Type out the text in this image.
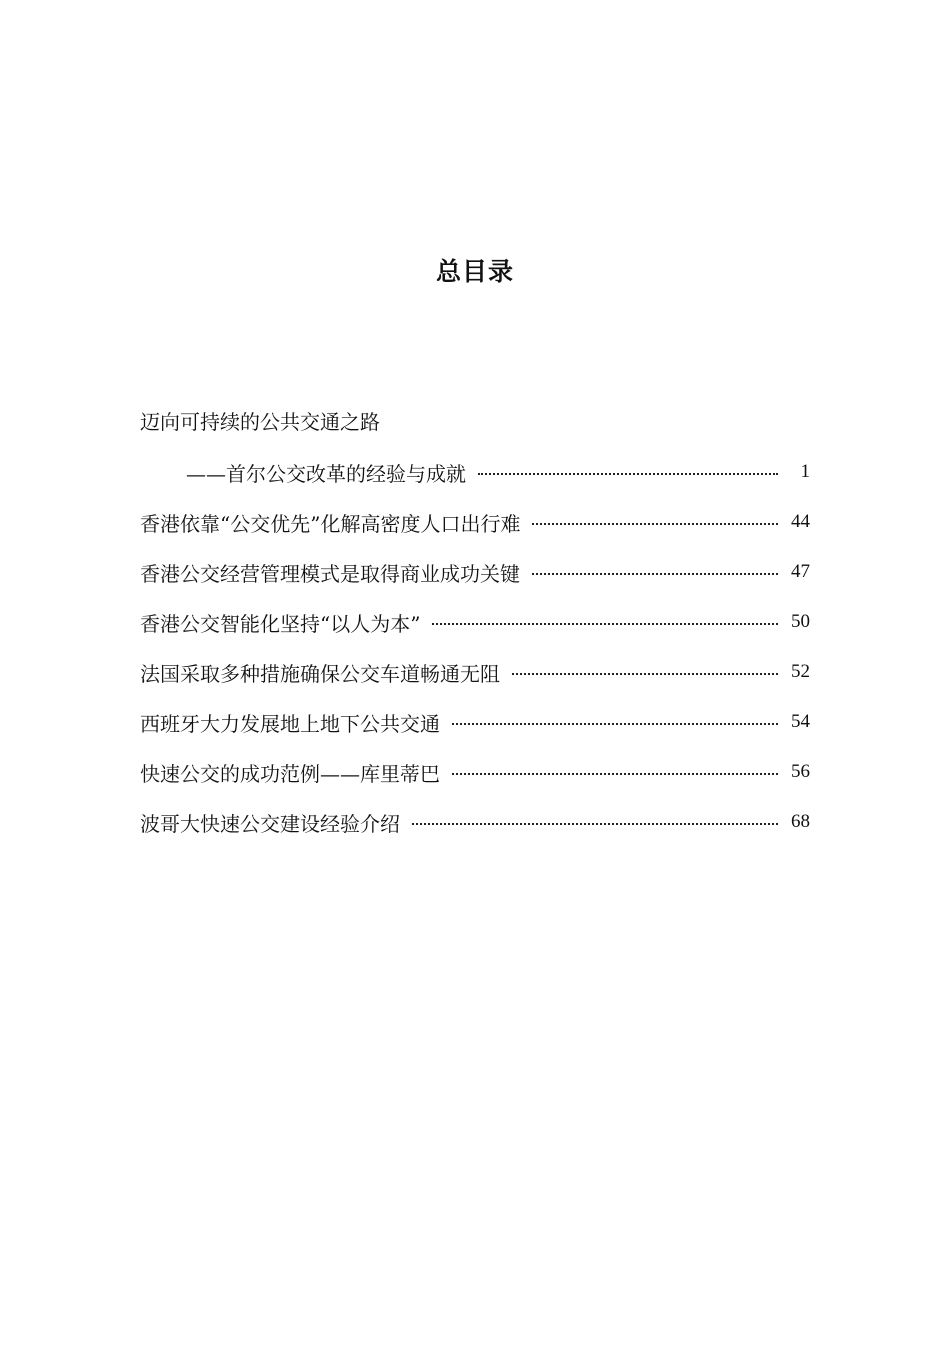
总目录
迈向可持续的公共交通之路
——首尔公交改革的经验与成就	1
香港依靠“公交优先”化解高密度人口出行难	44
香港公交经营管理模式是取得商业成功关键	47
香港公交智能化坚持“以人为本”	50
法国采取多种措施确保公交车道畅通无阻	52
西班牙大力发展地上地下公共交通	54
快速公交的成功范例——库里蒂巴	56
波哥大快速公交建设经验介绍	68
